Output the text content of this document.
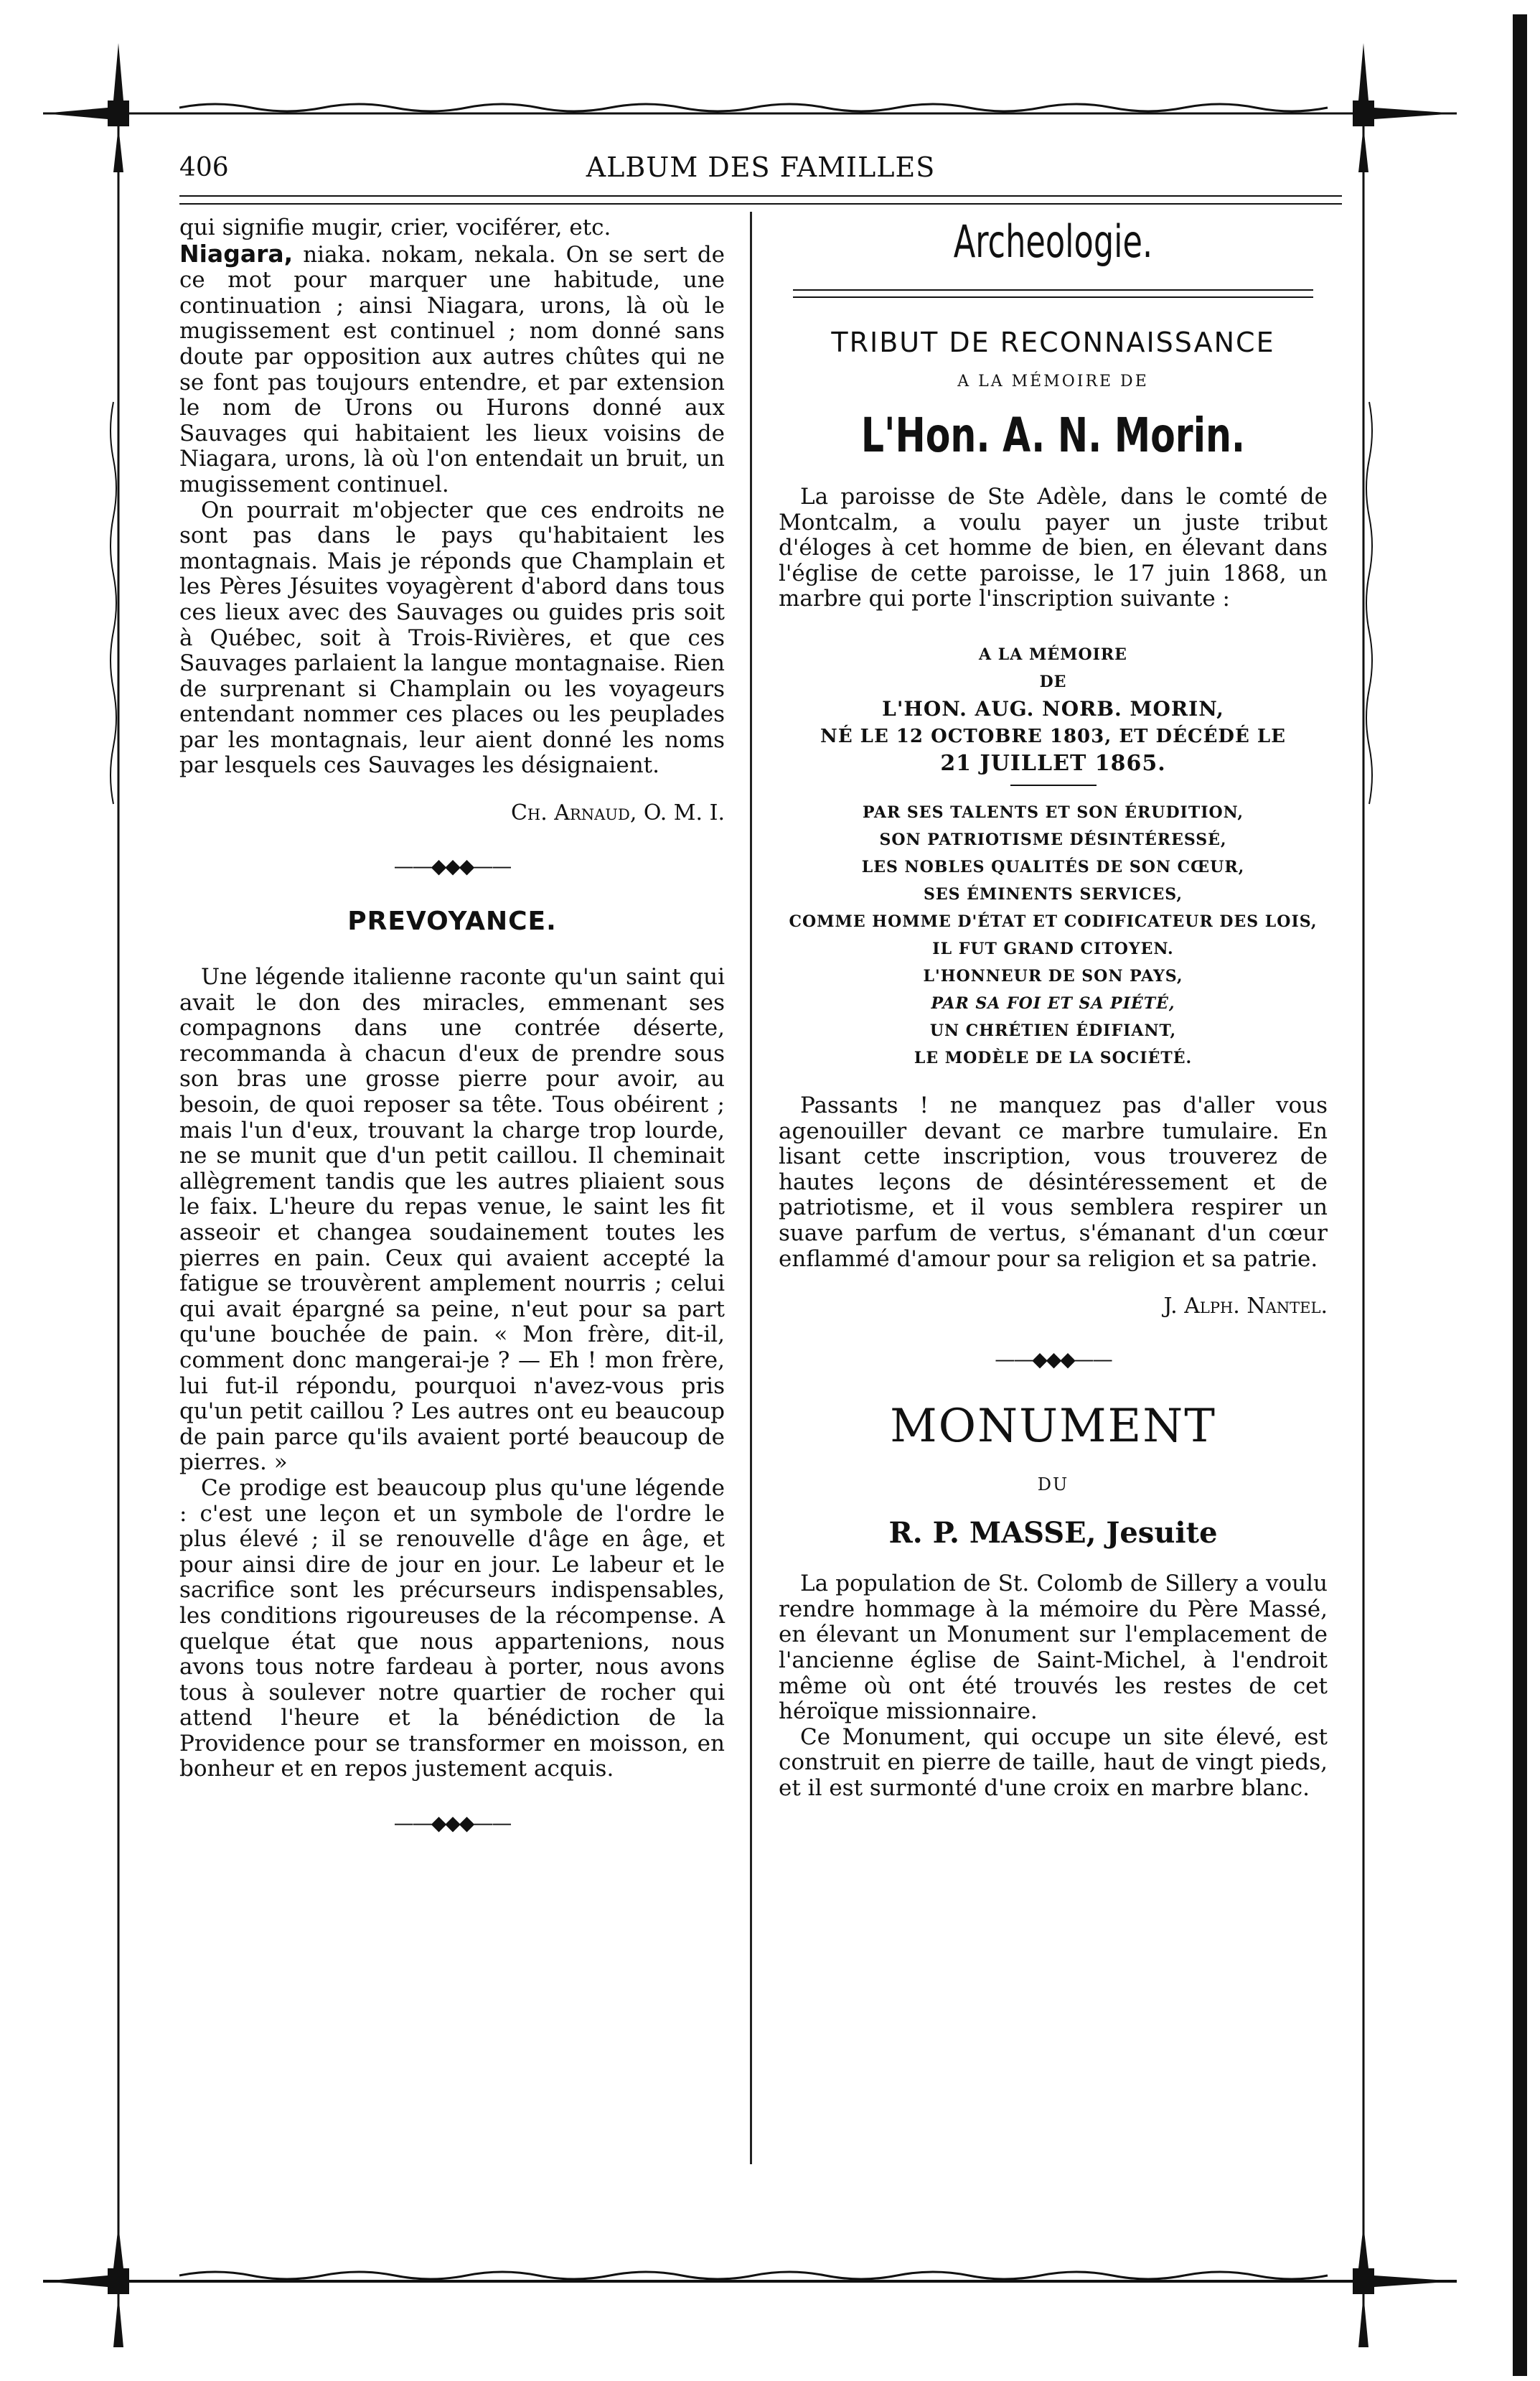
406	ALBUM DES FAMILLES

qui signifie mugir, crier, vociférer, etc.

Niagara, niaka. nokam, nekala. On se sert de ce mot pour marquer une habitude, une continuation ; ainsi Niagara, urons, là où le mugissement est continuel ; nom donné sans doute par opposition aux autres chûtes qui ne se font pas toujours entendre, et par extension le nom de Urons ou Hurons donné aux Sauvages qui habitaient les lieux voisins de Niagara, urons, là où l'on entendait un bruit, un mugissement continuel.

On pourrait m'objecter que ces endroits ne sont pas dans le pays qu'habitaient les montagnais. Mais je réponds que Champlain et les Pères Jésuites voyagèrent d'abord dans tous ces lieux avec des Sauvages ou guides pris soit à Québec, soit à Trois-Rivières, et que ces Sauvages parlaient la langue montagnaise. Rien de surprenant si Champlain ou les voyageurs entendant nommer ces places ou les peuplades par les montagnais, leur aient donné les noms par lesquels ces Sauvages les désignaient.

Ch. Arnaud, O. M. I.
——◆◆◆——
PREVOYANCE.

Une légende italienne raconte qu'un saint qui avait le don des miracles, emmenant ses compagnons dans une contrée déserte, recommanda à chacun d'eux de prendre sous son bras une grosse pierre pour avoir, au besoin, de quoi reposer sa tête. Tous obéirent ; mais l'un d'eux, trouvant la charge trop lourde, ne se munit que d'un petit caillou. Il cheminait allègrement tandis que les autres pliaient sous le faix. L'heure du repas venue, le saint les fit asseoir et changea soudainement toutes les pierres en pain. Ceux qui avaient accepté la fatigue se trouvèrent amplement nourris ; celui qui avait épargné sa peine, n'eut pour sa part qu'une bouchée de pain. « Mon frère, dit-il, comment donc mangerai-je ? — Eh ! mon frère, lui fut-il répondu, pourquoi n'avez-vous pris qu'un petit caillou ? Les autres ont eu beaucoup de pain parce qu'ils avaient porté beaucoup de pierres. »

Ce prodige est beaucoup plus qu'une légende : c'est une leçon et un symbole de l'ordre le plus élevé ; il se renouvelle d'âge en âge, et pour ainsi dire de jour en jour. Le labeur et le sacrifice sont les précurseurs indispensables, les conditions rigoureuses de la récompense. A quelque état que nous appartenions, nous avons tous notre fardeau à porter, nous avons tous à soulever notre quartier de rocher qui attend l'heure et la bénédiction de la Providence pour se transformer en moisson, en bonheur et en repos justement acquis.

——◆◆◆——
Archeologie.
TRIBUT DE RECONNAISSANCE
A LA MÉMOIRE DE
L'Hon. A. N. Morin.

La paroisse de Ste Adèle, dans le comté de Montcalm, a voulu payer un juste tribut d'éloges à cet homme de bien, en élevant dans l'église de cette paroisse, le 17 juin 1868, un marbre qui porte l'inscription suivante :

A LA MÉMOIRE
DE
L'HON. AUG. NORB. MORIN,
NÉ LE 12 OCTOBRE 1803, ET DÉCÉDÉ LE
21 JUILLET 1865.
PAR SES TALENTS ET SON ÉRUDITION,
SON PATRIOTISME DÉSINTÉRESSÉ,
LES NOBLES QUALITÉS DE SON CŒUR,
SES ÉMINENTS SERVICES,
COMME HOMME D'ÉTAT ET CODIFICATEUR DES LOIS,
IL FUT GRAND CITOYEN.
L'HONNEUR DE SON PAYS,
PAR SA FOI ET SA PIÉTÉ,
UN CHRÉTIEN ÉDIFIANT,
LE MODÈLE DE LA SOCIÉTÉ.

Passants ! ne manquez pas d'aller vous agenouiller devant ce marbre tumulaire. En lisant cette inscription, vous trouverez de hautes leçons de désintéressement et de patriotisme, et il vous semblera respirer un suave parfum de vertus, s'émanant d'un cœur enflammé d'amour pour sa religion et sa patrie.

J. Alph. Nantel.
——◆◆◆——
MONUMENT
DU
R. P. MASSE, Jesuite

La population de St. Colomb de Sillery a voulu rendre hommage à la mémoire du Père Massé, en élevant un Monument sur l'emplacement de l'ancienne église de Saint-Michel, à l'endroit même où ont été trouvés les restes de cet héroïque missionnaire.

Ce Monument, qui occupe un site élevé, est construit en pierre de taille, haut de vingt pieds, et il est surmonté d'une croix en marbre blanc.
